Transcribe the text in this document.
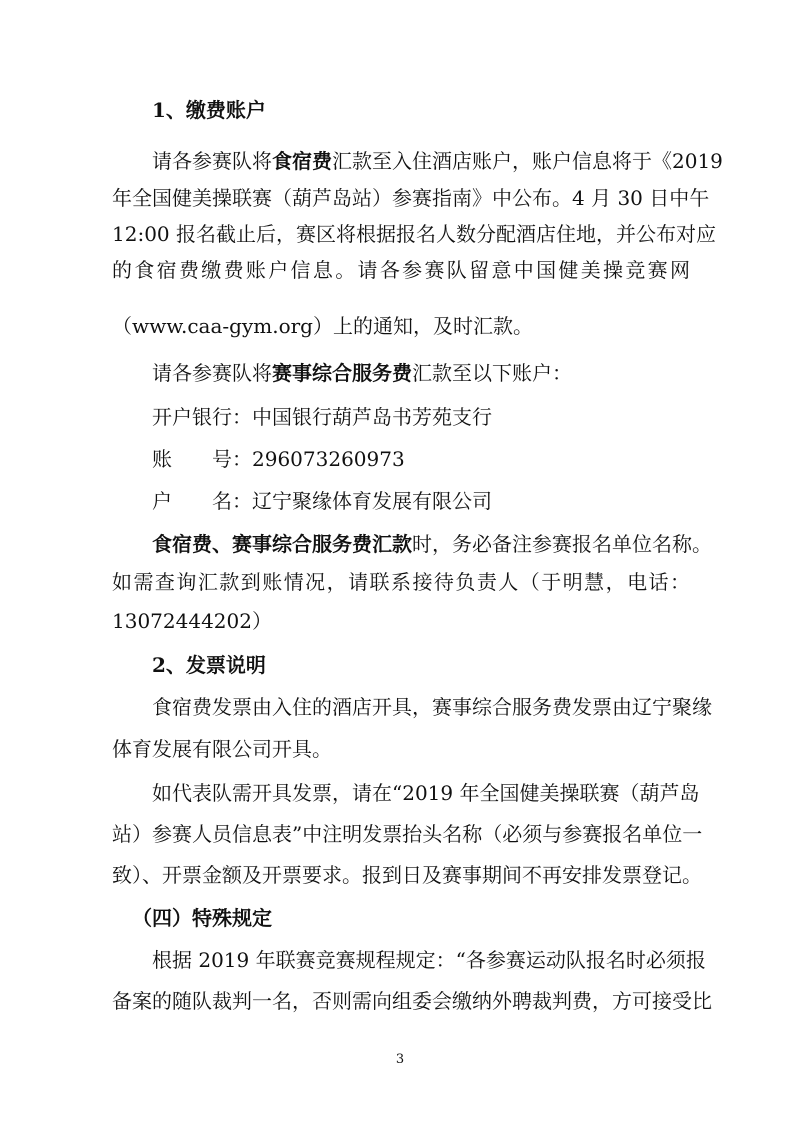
1、缴费账户
请各参赛队将食宿费汇款至入住酒店账户，账户信息将于《2019
年全国健美操联赛（葫芦岛站）参赛指南》中公布。4 月 30 日中午
12:00 报名截止后，赛区将根据报名人数分配酒店住地，并公布对应
的食宿费缴费账户信息。请各参赛队留意中国健美操竞赛网
（www.caa-gym.org）上的通知，及时汇款。
请各参赛队将赛事综合服务费汇款至以下账户：
开户银行：中国银行葫芦岛书芳苑支行
账　　号：296073260973
户　　名：辽宁聚缘体育发展有限公司
食宿费、赛事综合服务费汇款时，务必备注参赛报名单位名称。
如需查询汇款到账情况，请联系接待负责人（于明慧，电话：
13072444202）
2、发票说明
食宿费发票由入住的酒店开具，赛事综合服务费发票由辽宁聚缘
体育发展有限公司开具。
如代表队需开具发票，请在“2019 年全国健美操联赛（葫芦岛
站）参赛人员信息表”中注明发票抬头名称（必须与参赛报名单位一
致）、开票金额及开票要求。报到日及赛事期间不再安排发票登记。
（四）特殊规定
根据 2019 年联赛竞赛规程规定：“各参赛运动队报名时必须报
备案的随队裁判一名，否则需向组委会缴纳外聘裁判费，方可接受比
3
